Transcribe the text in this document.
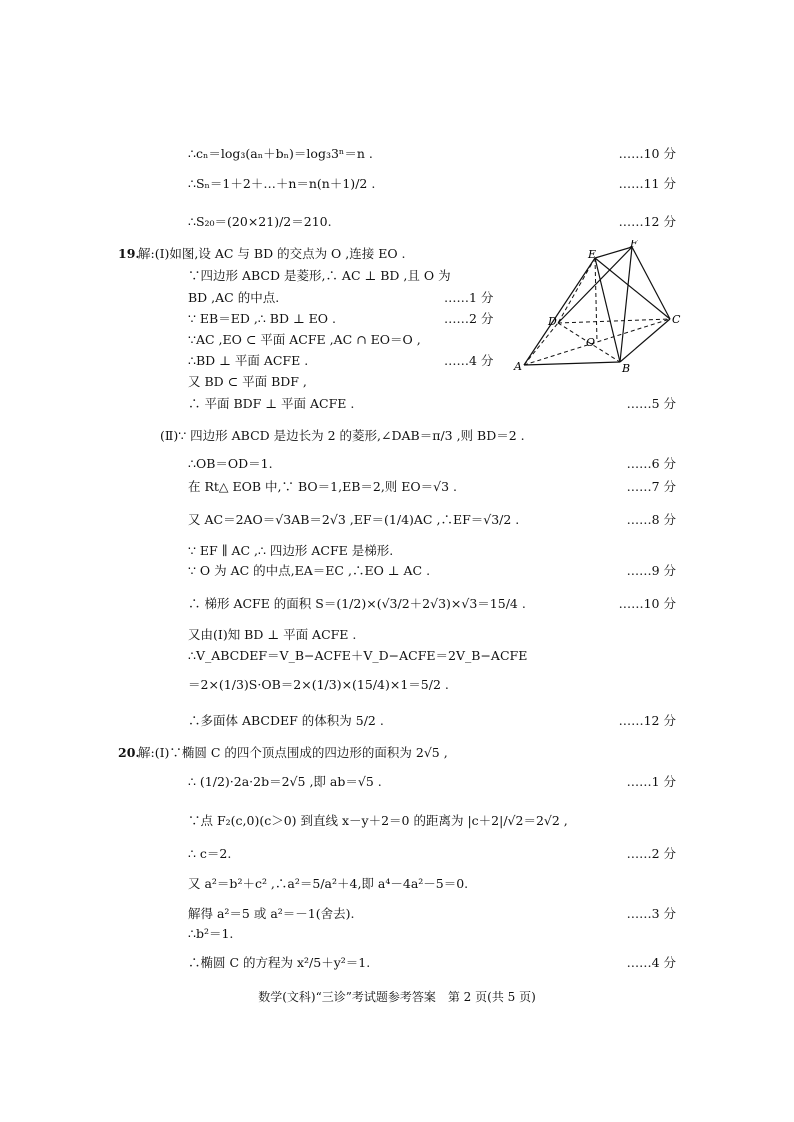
∴cₙ＝log₃(aₙ＋bₙ)＝log₃3ⁿ＝n .	……10 分
∴Sₙ＝1＋2＋…＋n＝n(n＋1)/2 .	……11 分
∴S₂₀＝(20×21)/2＝210.	……12 分
19.
解:(Ⅰ)如图,设 AC 与 BD 的交点为 O ,连接 EO .
∵四边形 ABCD 是菱形,∴ AC ⊥ BD ,且 O 为
BD ,AC 的中点.	……1 分
∵ EB＝ED ,∴ BD ⊥ EO .	……2 分
∵AC ,EO ⊂ 平面 ACFE ,AC ∩ EO＝O ,
∴BD ⊥ 平面 ACFE .	……4 分
又 BD ⊂ 平面 BDF ,
∴ 平面 BDF ⊥ 平面 ACFE .	……5 分
(Ⅱ)∵ 四边形 ABCD 是边长为 2 的菱形,∠DAB＝π/3 ,则 BD＝2 .
∴OB＝OD＝1.	……6 分
在 Rt△ EOB 中,∵ BO＝1,EB＝2,则 EO＝√3 .	……7 分
又 AC＝2AO＝√3AB＝2√3 ,EF＝(1/4)AC ,∴EF＝√3/2 .	……8 分
∵ EF ∥ AC ,∴ 四边形 ACFE 是梯形.
∵ O 为 AC 的中点,EA＝EC ,∴EO ⊥ AC .	……9 分
∴ 梯形 ACFE 的面积 S＝(1/2)×(√3/2＋2√3)×√3＝15/4 .	……10 分
又由(Ⅰ)知 BD ⊥ 平面 ACFE .
∴V_ABCDEF＝V_B−ACFE＋V_D−ACFE＝2V_B−ACFE
＝2×(1/3)S·OB＝2×(1/3)×(15/4)×1＝5/2 .
∴多面体 ABCDEF 的体积为 5/2 .	……12 分
20.
解:(Ⅰ)∵椭圆 C 的四个顶点围成的四边形的面积为 2√5 ,
∴ (1/2)·2a·2b＝2√5 ,即 ab＝√5 .	……1 分
∵点 F₂(c,0)(c＞0) 到直线 x－y＋2＝0 的距离为 |c＋2|/√2＝2√2 ,
∴ c＝2.	……2 分
又 a²＝b²＋c² ,∴a²＝5/a²＋4,即 a⁴－4a²－5＝0.
解得 a²＝5 或 a²＝－1(舍去).	……3 分
∴b²＝1.
∴椭圆 C 的方程为 x²/5＋y²＝1.	……4 分
A	B
C
D
E
F
O
数学(文科)“三诊”考试题参考答案　第 2 页(共 5 页)
